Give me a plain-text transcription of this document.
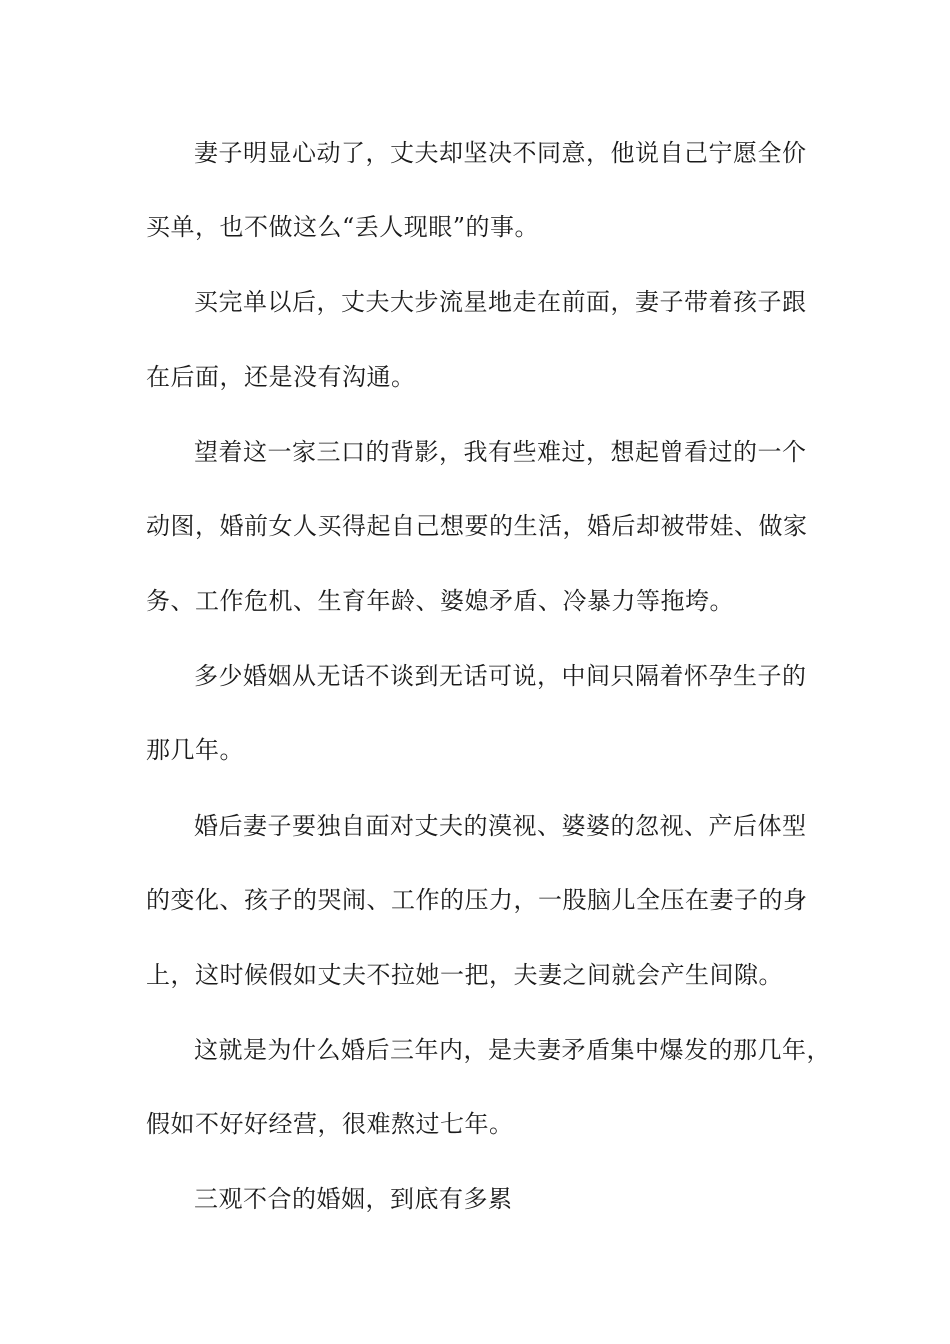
妻子明显心动了，丈夫却坚决不同意，他说自己宁愿全价
买单，也不做这么“丢人现眼”的事。
买完单以后，丈夫大步流星地走在前面，妻子带着孩子跟
在后面，还是没有沟通。
望着这一家三口的背影，我有些难过，想起曾看过的一个
动图，婚前女人买得起自己想要的生活，婚后却被带娃、做家
务、工作危机、生育年龄、婆媳矛盾、冷暴力等拖垮。
多少婚姻从无话不谈到无话可说，中间只隔着怀孕生子的
那几年。
婚后妻子要独自面对丈夫的漠视、婆婆的忽视、产后体型
的变化、孩子的哭闹、工作的压力，一股脑儿全压在妻子的身
上，这时候假如丈夫不拉她一把，夫妻之间就会产生间隙。
这就是为什么婚后三年内，是夫妻矛盾集中爆发的那几年，
假如不好好经营，很难熬过七年。
三观不合的婚姻，到底有多累
